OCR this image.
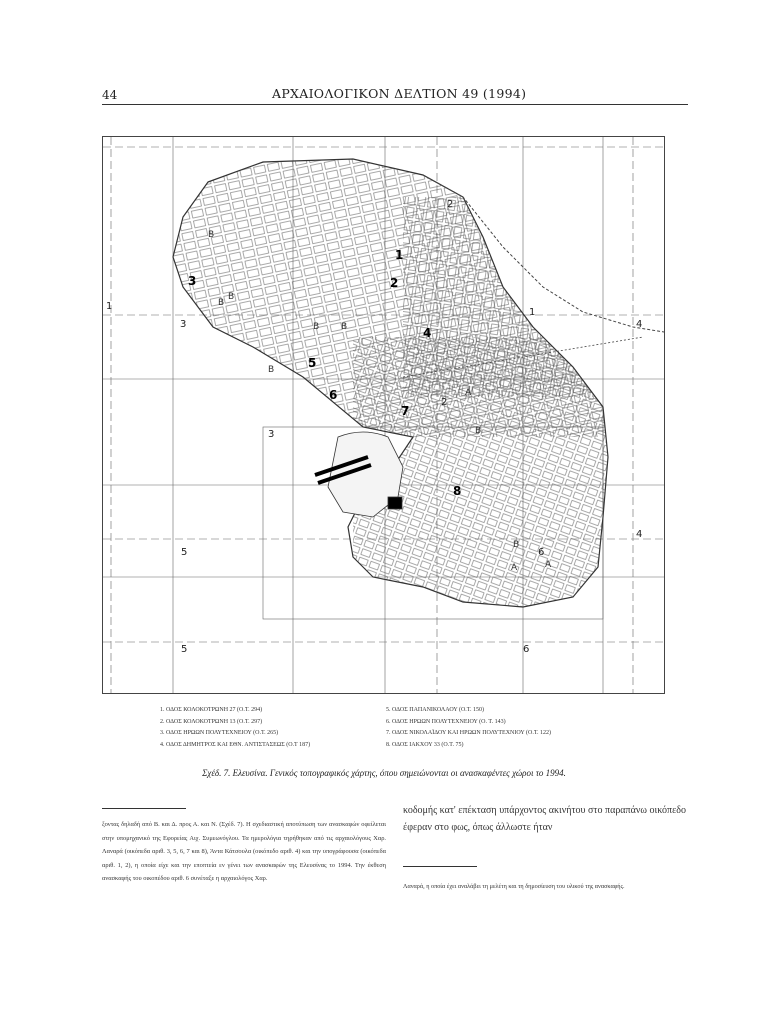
44	ΑΡΧΑΙΟΛΟΓΙΚΟΝ ΔΕΛΤΙΟΝ 49 (1994)
1
2
3	4
5	6
1
2
3
4
5	6
1
2
3
4
5
6
7
8
Β
Β
Β
Β
Β Β
Β
Β
Α
Α	Α
1. ΟΔΟΣ ΚΟΛΟΚΟΤΡΩΝΗ 27 (Ο.Τ. 294)
2. ΟΔΟΣ ΚΟΛΟΚΟΤΡΩΝΗ 13 (Ο.Τ. 297)
3. ΟΔΟΣ ΗΡΩΩΝ ΠΟΛΥΤΕΧΝΕΙΟΥ (Ο.Τ. 265)
4. ΟΔΟΣ ΔΗΜΗΤΡΟΣ ΚΑΙ ΕΘΝ. ΑΝΤΙΣΤΑΣΕΩΣ (Ο.Τ 187)
5. ΟΔΟΣ ΠΑΠΑΝΙΚΟΛΑΟΥ (Ο.Τ. 150)
6. ΟΔΟΣ ΗΡΩΩΝ ΠΟΛΥΤΕΧΝΕΙΟΥ (Ο. Τ. 143)
7. ΟΔΟΣ ΝΙΚΟΛΑΪΔΟΥ ΚΑΙ ΗΡΩΩΝ ΠΟΛΥΤΕΧΝΙΟΥ (Ο.Τ. 122)
8. ΟΔΟΣ ΙΑΚΧΟΥ 33 (Ο.Τ. 75)
Σχέδ. 7. Ελευσίνα. Γενικός τοπογραφικός χάρτης, όπου σημειώνονται οι ανασκαφέντες χώροι το 1994.
ξοντας δηλαδή από Β. και Δ. προς Α. και Ν. (Σχέδ. 7). Η σχεδιαστική αποτύπωση των ανασκαφών οφείλεται στην υπομηχανικό της Εφορείας Αιχ. Συμεωνόγλου. Τα ημερολόγια τηρήθηκαν από τις αρχαιολόγους Χαρ. Λαναρά (οικόπεδα αριθ. 3, 5, 6, 7 και 8), Άντα Κάτσουλα (οικόπεδο αριθ. 4) και την υπογράφουσα (οικόπεδα αριθ. 1, 2), η οποία είχε και την εποπτεία εν γένει των ανασκαφών της Ελευσίνας το 1994. Την έκθεση ανασκαφής του οικοπέδου αριθ. 6 συνέταξε η αρχαιολόγος Χαρ.
κοδομής κατ' επέκταση υπάρχοντος ακινήτου στο παραπάνω οικόπεδο έφεραν στο φως, όπως άλλωστε ήταν
Λαναρά, η οποία έχει αναλάβει τη μελέτη και τη δημοσίευση του υλικού της ανασκαφής.
